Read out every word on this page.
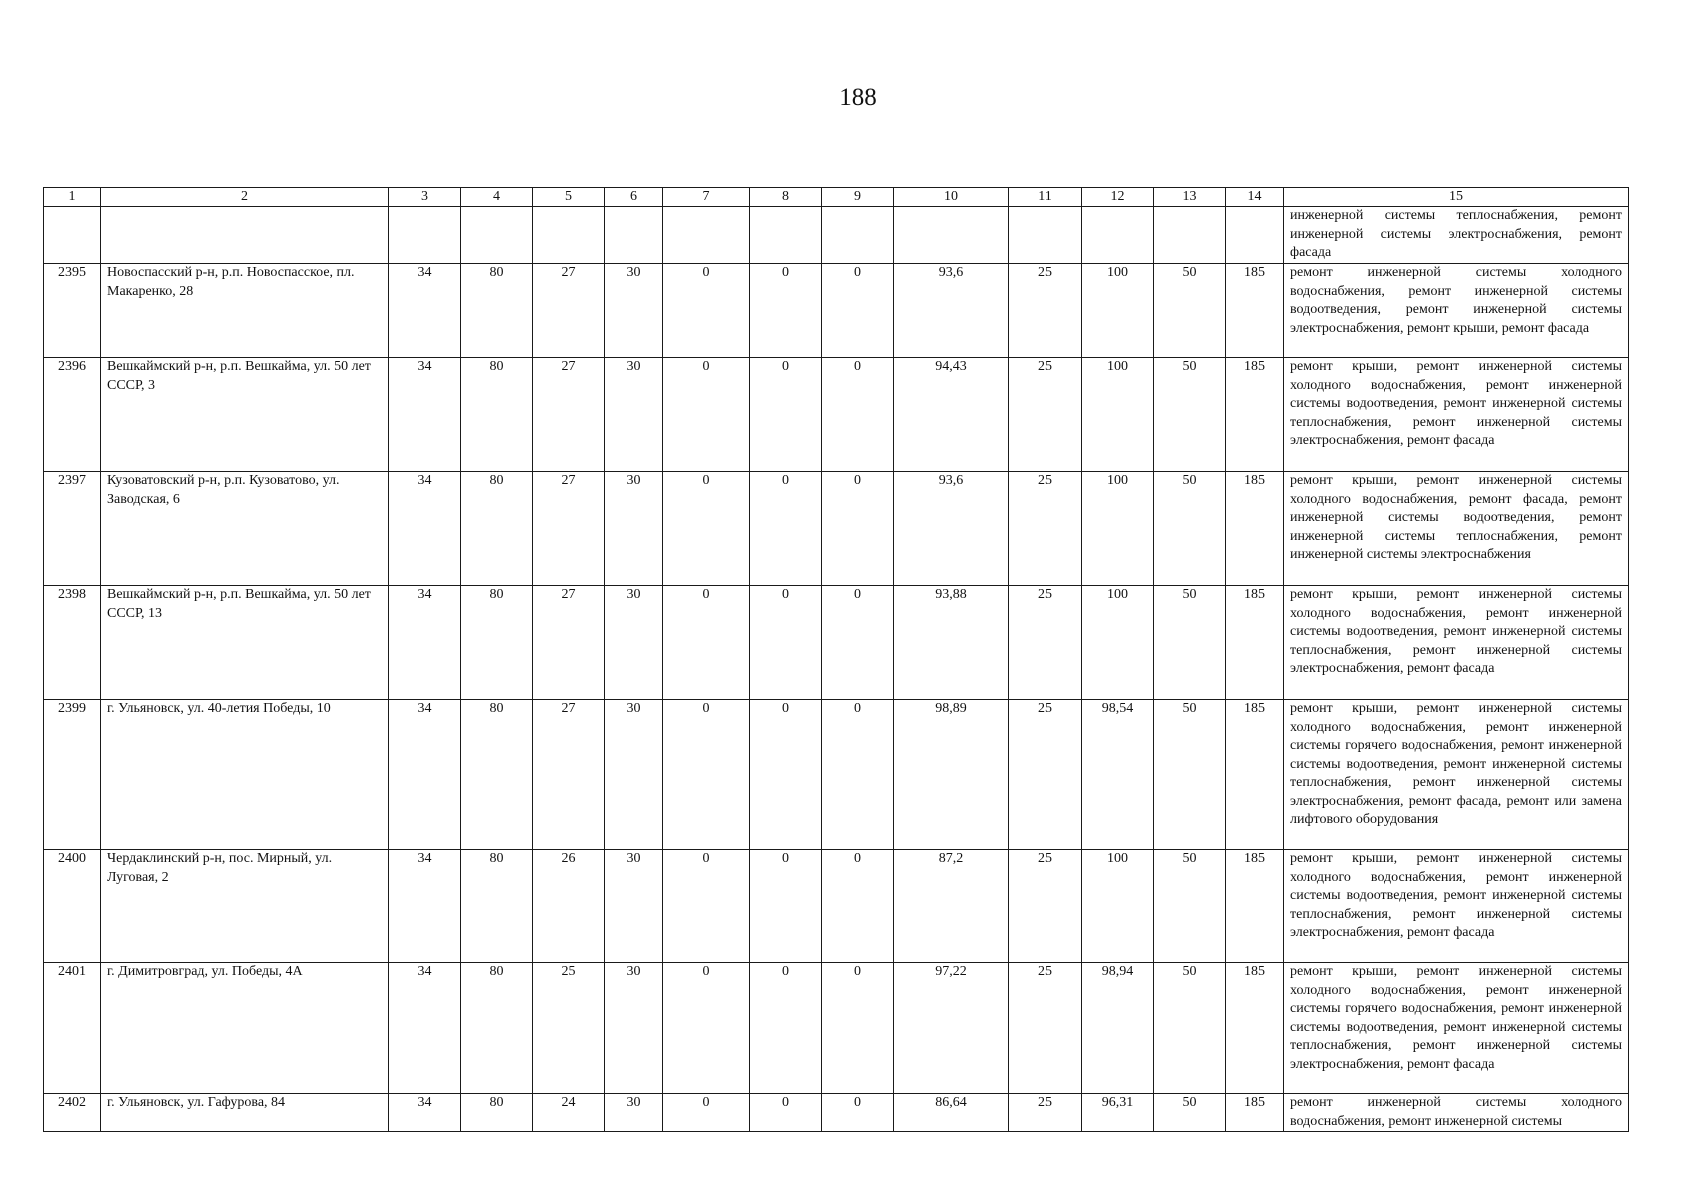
188
1	2	3	4	5	6	7	8	9	10	11	12	13	14	15
														инженерной системы теплоснабжения, ремонт инженерной системы электроснабжения, ремонт фасада
2395	Новоспасский р-н, р.п. Новоспасское, пл. Макаренко, 28	34	80	27	30	0	0	0	93,6	25	100	50	185	ремонт инженерной системы холодного водоснабжения, ремонт инженерной системы водоотведения, ремонт инженерной системы электроснабжения, ремонт крыши, ремонт фасада
2396	Вешкаймский р-н, р.п. Вешкайма, ул. 50 лет СССР, 3	34	80	27	30	0	0	0	94,43	25	100	50	185	ремонт крыши, ремонт инженерной системы холодного водоснабжения, ремонт инженерной системы водоотведения, ремонт инженерной системы теплоснабжения, ремонт инженерной системы электроснабжения, ремонт фасада
2397	Кузоватовский р-н, р.п. Кузоватово, ул. Заводская, 6	34	80	27	30	0	0	0	93,6	25	100	50	185	ремонт крыши, ремонт инженерной системы холодного водоснабжения, ремонт фасада, ремонт инженерной системы водоотведения, ремонт инженерной системы теплоснабжения, ремонт инженерной системы электроснабжения
2398	Вешкаймский р-н, р.п. Вешкайма, ул. 50 лет СССР, 13	34	80	27	30	0	0	0	93,88	25	100	50	185	ремонт крыши, ремонт инженерной системы холодного водоснабжения, ремонт инженерной системы водоотведения, ремонт инженерной системы теплоснабжения, ремонт инженерной системы электроснабжения, ремонт фасада
2399	г. Ульяновск, ул. 40-летия Победы, 10	34	80	27	30	0	0	0	98,89	25	98,54	50	185	ремонт крыши, ремонт инженерной системы холодного водоснабжения, ремонт инженерной системы горячего водоснабжения, ремонт инженерной системы водоотведения, ремонт инженерной системы теплоснабжения, ремонт инженерной системы электроснабжения, ремонт фасада, ремонт или замена лифтового оборудования
2400	Чердаклинский р-н, пос. Мирный, ул. Луговая, 2	34	80	26	30	0	0	0	87,2	25	100	50	185	ремонт крыши, ремонт инженерной системы холодного водоснабжения, ремонт инженерной системы водоотведения, ремонт инженерной системы теплоснабжения, ремонт инженерной системы электроснабжения, ремонт фасада
2401	г. Димитровград, ул. Победы, 4А	34	80	25	30	0	0	0	97,22	25	98,94	50	185	ремонт крыши, ремонт инженерной системы холодного водоснабжения, ремонт инженерной системы горячего водоснабжения, ремонт инженерной системы водоотведения, ремонт инженерной системы теплоснабжения, ремонт инженерной системы электроснабжения, ремонт фасада
2402	г. Ульяновск, ул. Гафурова, 84	34	80	24	30	0	0	0	86,64	25	96,31	50	185	ремонт инженерной системы холодного водоснабжения, ремонт инженерной системы
